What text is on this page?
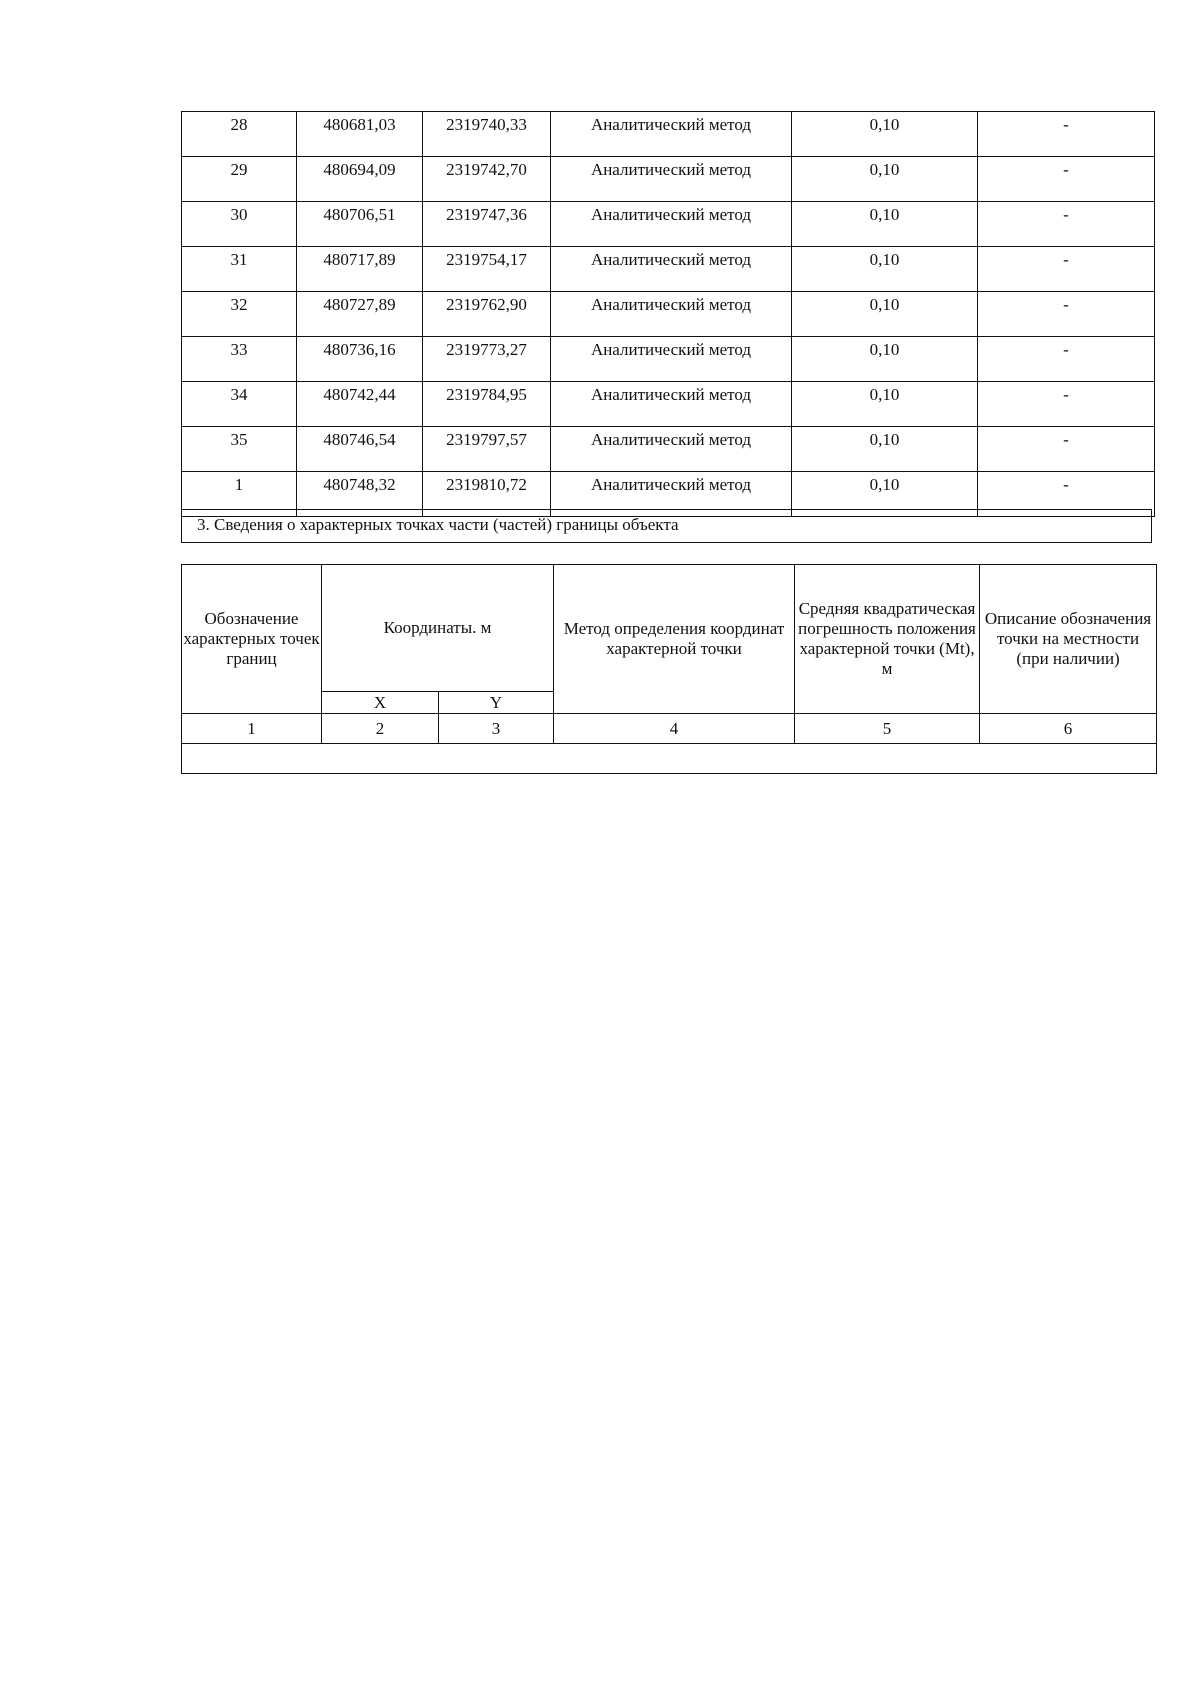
28	480681,03	2319740,33	Аналитический метод	0,10	-
29	480694,09	2319742,70	Аналитический метод	0,10	-
30	480706,51	2319747,36	Аналитический метод	0,10	-
31	480717,89	2319754,17	Аналитический метод	0,10	-
32	480727,89	2319762,90	Аналитический метод	0,10	-
33	480736,16	2319773,27	Аналитический метод	0,10	-
34	480742,44	2319784,95	Аналитический метод	0,10	-
35	480746,54	2319797,57	Аналитический метод	0,10	-
1	480748,32	2319810,72	Аналитический метод	0,10	-
3. Сведения о характерных точках части (частей) границы объекта
Обозначение характерных точек границ	Координаты. м		Метод определения координат характерной точки	Средняя квадратическая погрешность положения характерной точки (Mt), м	Описание обозначения точки на местности (при наличии)
	X	Y			
1	2	3	4	5	6
